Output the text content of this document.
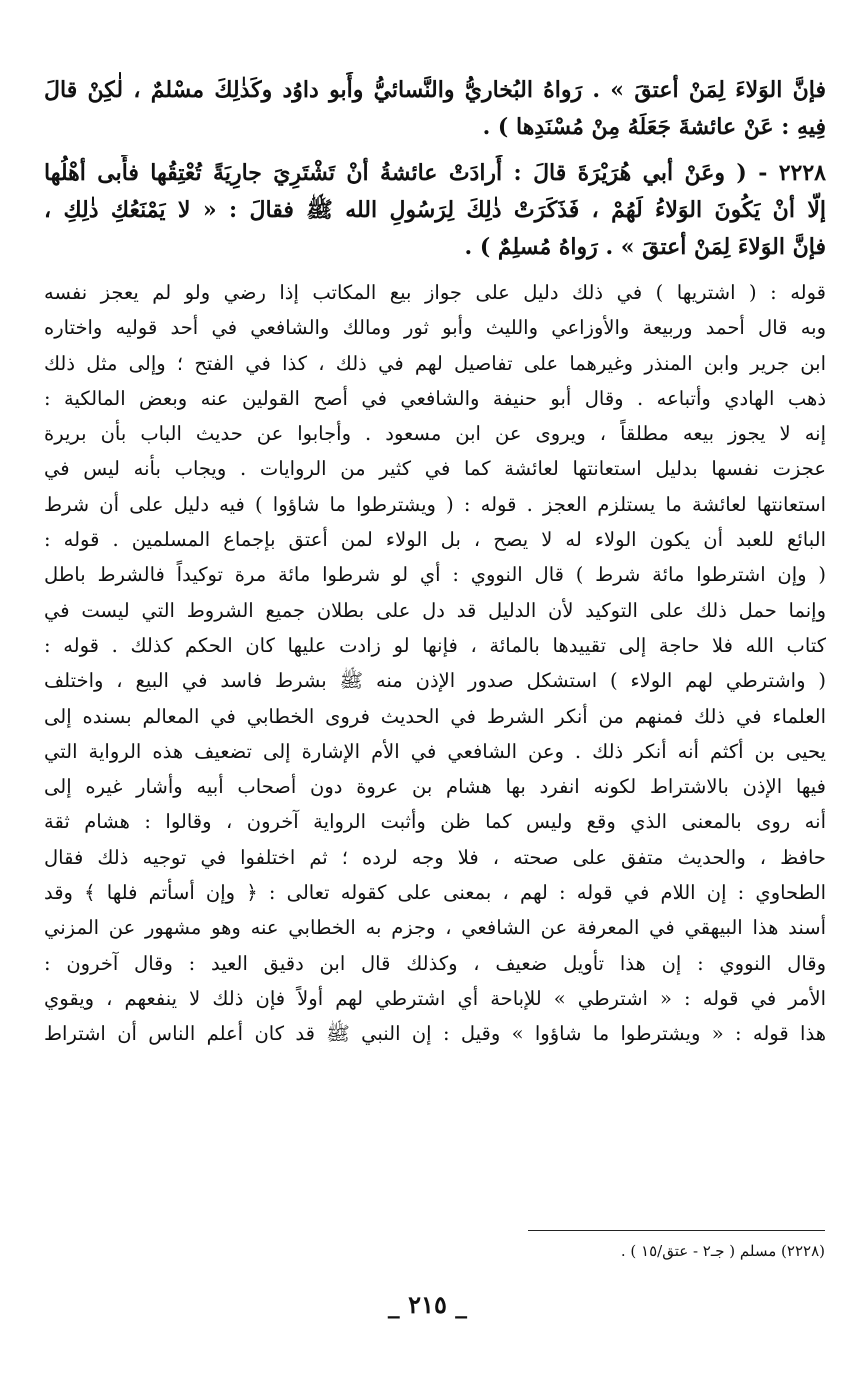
فإنَّ الوَلاءَ لِمَنْ أعتقَ » . رَواهُ البُخاريُّ والنَّسائيُّ وأَبو داوُد وكَذٰلِكَ مسْلمٌ ، لٰكِنْ قالَ
فِيهِ : عَنْ عائشةَ جَعَلَهُ مِنْ مُسْنَدِها ) .
٢٢٢٨ - ( وعَنْ أبي هُرَيْرَةَ قالَ : أَرادَتْ عائشةُ أنْ تَشْتَرِيَ جارِيَةً تُعْتِقُها فأَبى أهْلُها
إلّا أنْ يَكُونَ الوَلاءُ لَهُمْ ، فَذَكَرَتْ ذٰلِكَ لِرَسُولِ الله ﷺ فقالَ : « لا يَمْنَعُكِ ذٰلِكِ ،
فإنَّ الوَلاءَ لِمَنْ أعتقَ » . رَواهُ مُسلِمٌ ) .
قوله : ( اشتريها ) في ذلك دليل على جواز بيع المكاتب إذا رضي ولو لم يعجز نفسه
وبه قال أحمد وربيعة والأوزاعي والليث وأبو ثور ومالك والشافعي في أحد قوليه واختاره
ابن جرير وابن المنذر وغيرهما على تفاصيل لهم في ذلك ، كذا في الفتح ؛ وإلى مثل ذلك
ذهب الهادي وأتباعه . وقال أبو حنيفة والشافعي في أصح القولين عنه وبعض المالكية :
إنه لا يجوز بيعه مطلقاً ، ويروى عن ابن مسعود . وأجابوا عن حديث الباب بأن بريرة
عجزت نفسها بدليل استعانتها لعائشة كما في كثير من الروايات . ويجاب بأنه ليس في
استعانتها لعائشة ما يستلزم العجز . قوله : ( ويشترطوا ما شاؤوا ) فيه دليل على أن شرط
البائع للعبد أن يكون الولاء له لا يصح ، بل الولاء لمن أعتق بإجماع المسلمين . قوله :
( وإن اشترطوا مائة شرط ) قال النووي : أي لو شرطوا مائة مرة توكيداً فالشرط باطل
وإنما حمل ذلك على التوكيد لأن الدليل قد دل على بطلان جميع الشروط التي ليست في
كتاب الله فلا حاجة إلى تقييدها بالمائة ، فإنها لو زادت عليها كان الحكم كذلك . قوله :
( واشترطي لهم الولاء ) استشكل صدور الإذن منه ﷺ بشرط فاسد في البيع ، واختلف
العلماء في ذلك فمنهم من أنكر الشرط في الحديث فروى الخطابي في المعالم بسنده إلى
يحيى بن أكثم أنه أنكر ذلك . وعن الشافعي في الأم الإشارة إلى تضعيف هذه الرواية التي
فيها الإذن بالاشتراط لكونه انفرد بها هشام بن عروة دون أصحاب أبيه وأشار غيره إلى
أنه روى بالمعنى الذي وقع وليس كما ظن وأثبت الرواية آخرون ، وقالوا : هشام ثقة
حافظ ، والحديث متفق على صحته ، فلا وجه لرده ؛ ثم اختلفوا في توجيه ذلك فقال
الطحاوي : إن اللام في قوله : لهم ، بمعنى على كقوله تعالى : ﴿ وإن أسأتم فلها ﴾ وقد
أسند هذا البيهقي في المعرفة عن الشافعي ، وجزم به الخطابي عنه وهو مشهور عن المزني
وقال النووي : إن هذا تأويل ضعيف ، وكذلك قال ابن دقيق العيد : وقال آخرون :
الأمر في قوله : « اشترطي » للإباحة أي اشترطي لهم أولاً فإن ذلك لا ينفعهم ، ويقوي
هذا قوله : « ويشترطوا ما شاؤوا » وقيل : إن النبي ﷺ قد كان أعلم الناس أن اشتراط
(٢٢٢٨) مسلم ( جـ٢ - عتق/١٥ ) .
_ ٢١٥ _
